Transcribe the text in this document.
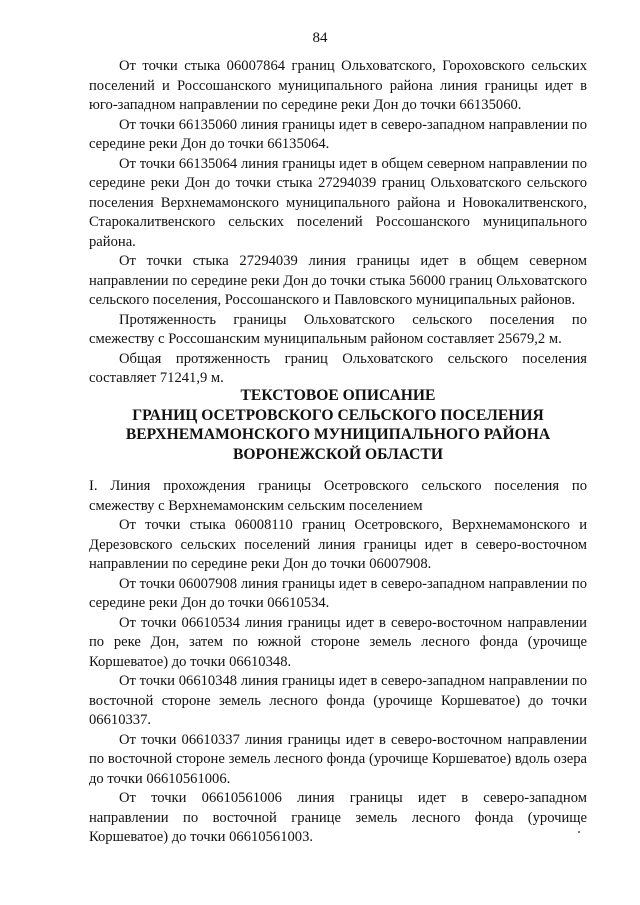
84

От точки стыка 06007864 границ Ольховатского, Гороховского сельских поселений и Россошанского муниципального района линия границы идет в юго-западном направлении по середине реки Дон до точки 66135060.

От точки 66135060 линия границы идет в северо-западном направлении по середине реки Дон до точки 66135064.

От точки 66135064 линия границы идет в общем северном направлении по середине реки Дон до точки стыка 27294039 границ Ольховатского сельского поселения Верхнемамонского муниципального района и Новокалитвенского, Старокалитвенского сельских поселений Россошанского муниципального района.

От точки стыка 27294039 линия границы идет в общем северном направлении по середине реки Дон до точки стыка 56000 границ Ольховатского сельского поселения, Россошанского и Павловского муниципальных районов.

Протяженность границы Ольховатского сельского поселения по смежеству с Россошанским муниципальным районом составляет 25679,2 м.

Общая протяженность границ Ольховатского сельского поселения составляет 71241,9 м.

ТЕКСТОВОЕ ОПИСАНИЕ
ГРАНИЦ ОСЕТРОВСКОГО СЕЛЬСКОГО ПОСЕЛЕНИЯ
ВЕРХНЕМАМОНСКОГО МУНИЦИПАЛЬНОГО РАЙОНА
ВОРОНЕЖСКОЙ ОБЛАСТИ

I. Линия прохождения границы Осетровского сельского поселения по смежеству с Верхнемамонским сельским поселением

От точки стыка 06008110 границ Осетровского, Верхнемамонского и Дерезовского сельских поселений линия границы идет в северо-восточном направлении по середине реки Дон до точки 06007908.

От точки 06007908 линия границы идет в северо-западном направлении по середине реки Дон до точки 06610534.

От точки 06610534 линия границы идет в северо-восточном направлении по реке Дон, затем по южной стороне земель лесного фонда (урочище Коршеватое) до точки 06610348.

От точки 06610348 линия границы идет в северо-западном направлении по восточной стороне земель лесного фонда (урочище Коршеватое) до точки 06610337.

От точки 06610337 линия границы идет в северо-восточном направлении по восточной стороне земель лесного фонда (урочище Коршеватое) вдоль озера до точки 06610561006.

От точки 06610561006 линия границы идет в северо-западном направлении по восточной границе земель лесного фонда (урочище Коршеватое) до точки 06610561003.
